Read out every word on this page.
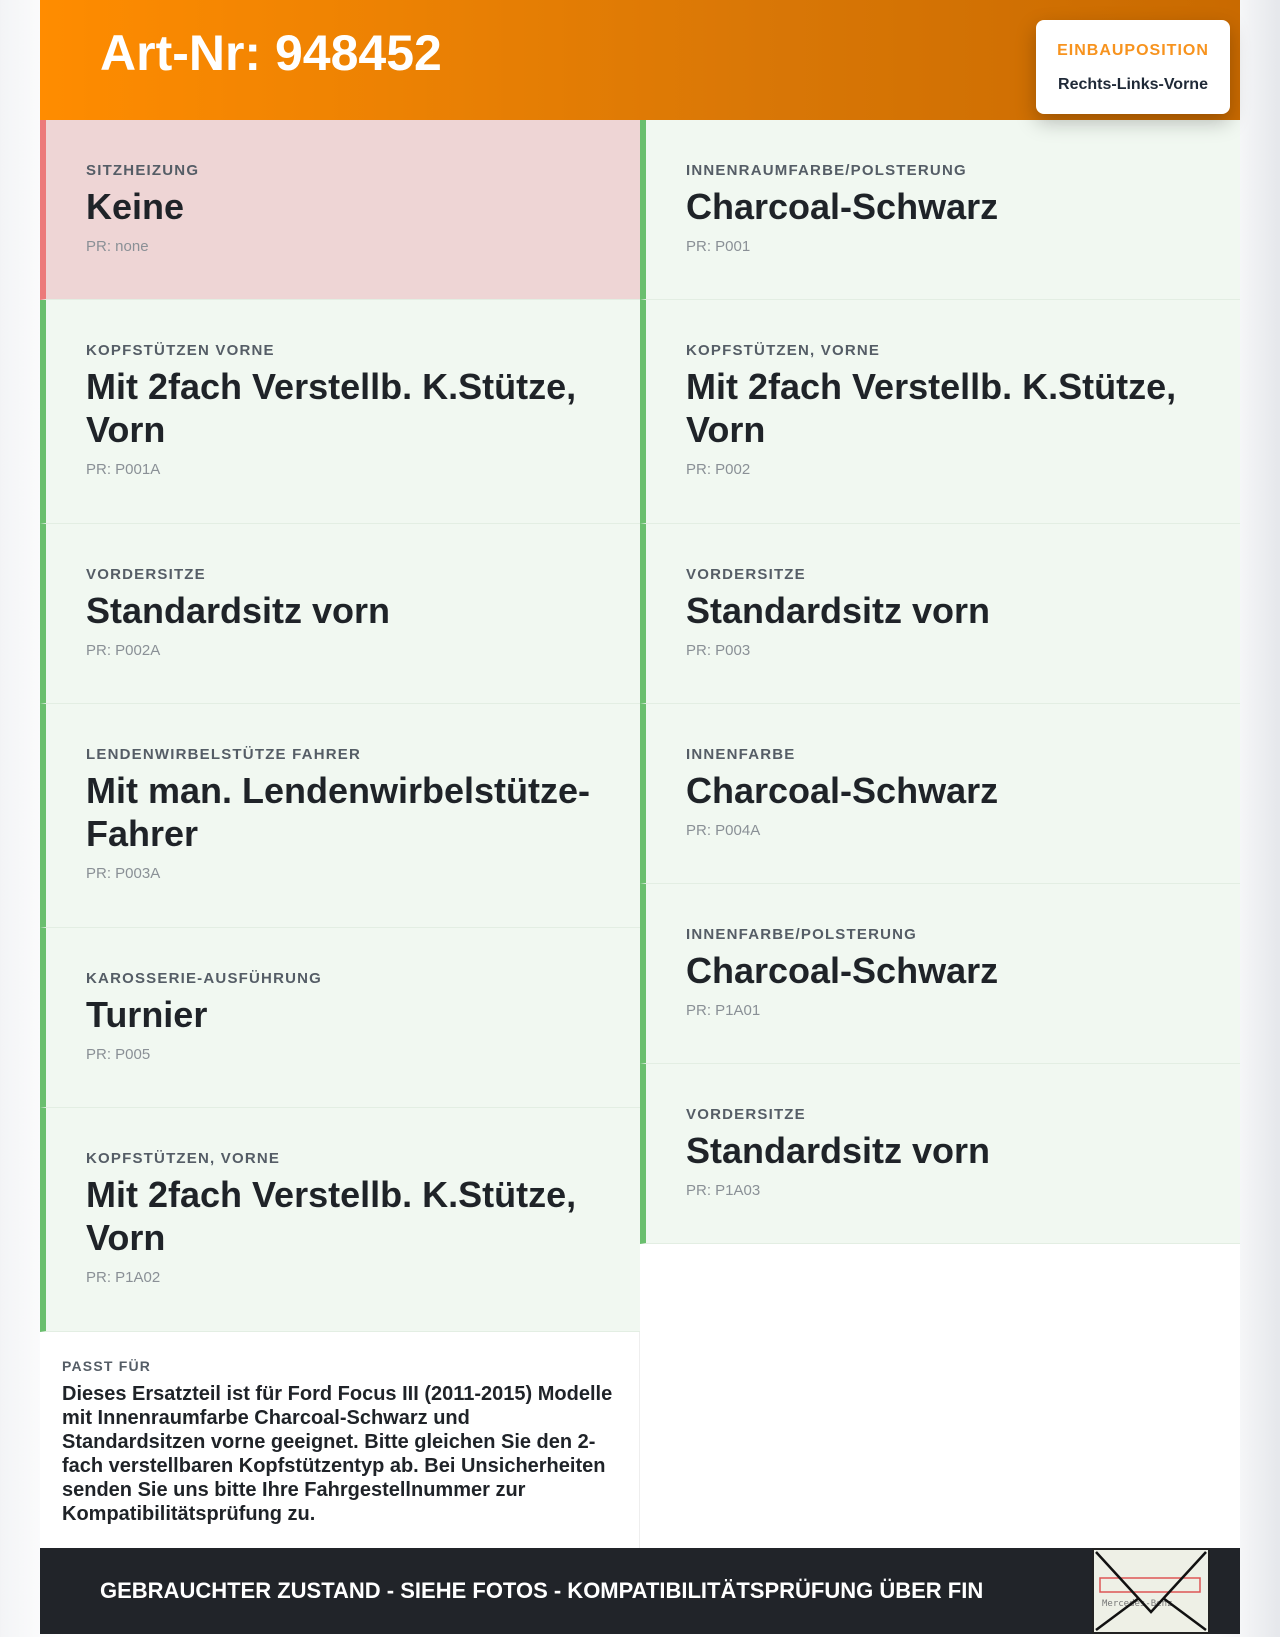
Art-Nr: 948452	EINBAUPOSITION
Rechts-Links-Vorne
SITZHEIZUNG
Keine
PR: none
KOPFSTÜTZEN VORNE
Mit 2fach Verstellb. K.Stütze, Vorn
PR: P001A
VORDERSITZE
Standardsitz vorn
PR: P002A
LENDENWIRBELSTÜTZE FAHRER
Mit man. Lendenwirbelstütze-Fahrer
PR: P003A
KAROSSERIE-AUSFÜHRUNG
Turnier
PR: P005
KOPFSTÜTZEN, VORNE
Mit 2fach Verstellb. K.Stütze, Vorn
PR: P1A02
PASST FÜR

Dieses Ersatzteil ist für Ford Focus III (2011-2015) Modelle mit Innenraumfarbe Charcoal-Schwarz und Standardsitzen vorne geeignet. Bitte gleichen Sie den 2-fach verstellbaren Kopfstützentyp ab. Bei Unsicherheiten senden Sie uns bitte Ihre Fahrgestellnummer zur Kompatibilitätsprüfung zu.

INNENRAUMFARBE/POLSTERUNG
Charcoal-Schwarz
PR: P001
KOPFSTÜTZEN, VORNE
Mit 2fach Verstellb. K.Stütze, Vorn
PR: P002
VORDERSITZE
Standardsitz vorn
PR: P003
INNENFARBE
Charcoal-Schwarz
PR: P004A
INNENFARBE/POLSTERUNG
Charcoal-Schwarz
PR: P1A01
VORDERSITZE
Standardsitz vorn
PR: P1A03
GEBRAUCHTER ZUSTAND - SIEHE FOTOS - KOMPATIBILITÄTSPRÜFUNG ÜBER FIN
Mercedes-Benz
